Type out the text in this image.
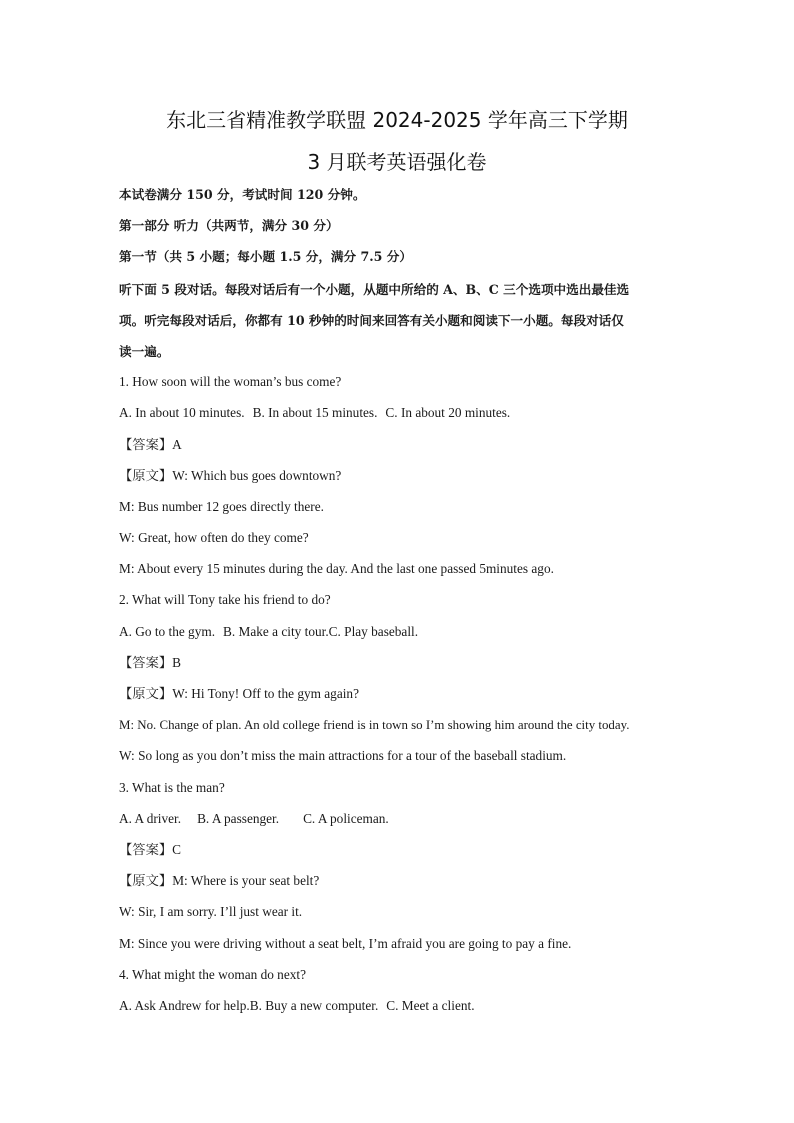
东北三省精准教学联盟 2024-2025 学年高三下学期
3 月联考英语强化卷
本试卷满分 150 分，考试时间 120 分钟。
第一部分 听力（共两节，满分 30 分）
第一节（共 5 小题；每小题 1.5 分，满分 7.5 分）
听下面 5 段对话。每段对话后有一个小题，从题中所给的 A、B、C 三个选项中选出最佳选
项。听完每段对话后，你都有 10 秒钟的时间来回答有关小题和阅读下一小题。每段对话仅
读一遍。
1. How soon will the woman’s bus come?
A. In about 10 minutes. B. In about 15 minutes. C. In about 20 minutes.
【答案】A
【原文】W: Which bus goes downtown?
M: Bus number 12 goes directly there.
W: Great, how often do they come?
M: About every 15 minutes during the day. And the last one passed 5minutes ago.
2. What will Tony take his friend to do?
A. Go to the gym. B. Make a city tour.C. Play baseball.
【答案】B
【原文】W: Hi Tony! Off to the gym again?
M: No. Change of plan. An old college friend is in town so I’m showing him around the city today.
W: So long as you don’t miss the main attractions for a tour of the baseball stadium.
3. What is the man?
A. A driver. B. A passenger. C. A policeman.
【答案】C
【原文】M: Where is your seat belt?
W: Sir, I am sorry. I’ll just wear it.
M: Since you were driving without a seat belt, I’m afraid you are going to pay a fine.
4. What might the woman do next?
A. Ask Andrew for help.B. Buy a new computer. C. Meet a client.
